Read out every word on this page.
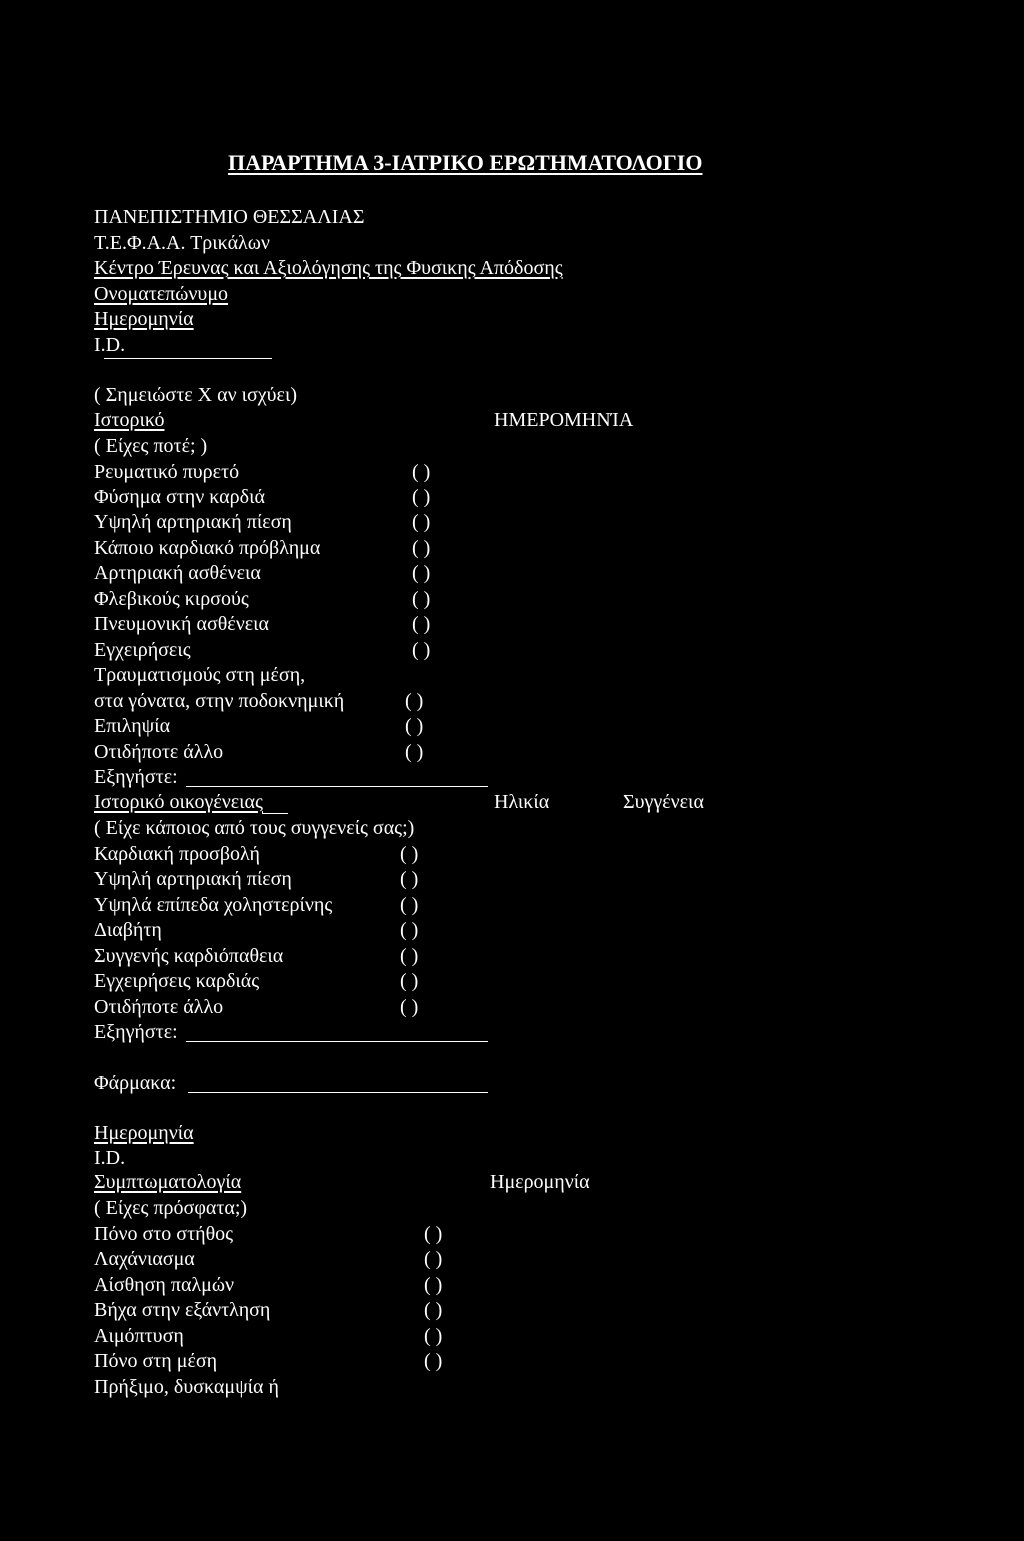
ΠΑΡΑΡΤΗΜΑ 3-ΙΑΤΡΙΚΟ ΕΡΩΤΗΜΑΤΟΛΟΓΙΟ
ΠΑΝΕΠΙΣΤΗΜΙΟ ΘΕΣΣΑΛΙΑΣ
Τ.Ε.Φ.Α.Α. Τρικάλων
Κέντρο Έρευνας και Αξιολόγησης της Φυσικης Απόδοσης
Ονοματεπώνυμο
Ημερομηνία
I.D.
( Σημειώστε Χ αν ισχύει)
Ιστορικό	ΗΜΕΡΟΜΗΝΊΑ
( Είχες ποτέ; )
Ρευματικό πυρετό	( )
Φύσημα στην καρδιά	( )
Υψηλή αρτηριακή πίεση	( )
Κάποιο καρδιακό πρόβλημα	( )
Αρτηριακή ασθένεια	( )
Φλεβικούς κιρσούς	( )
Πνευμονική ασθένεια	( )
Εγχειρήσεις	( )
Τραυματισμούς στη μέση,
στα γόνατα, στην ποδοκνημική	( )
Επιληψία	( )
Οτιδήποτε άλλο	( )
Εξηγήστε:
Ιστορικό οικογένειας	Ηλικία	Συγγένεια
( Είχε κάποιος από τους συγγενείς σας;)
Καρδιακή προσβολή	( )
Υψηλή αρτηριακή πίεση	( )
Υψηλά επίπεδα χοληστερίνης	( )
Διαβήτη	( )
Συγγενής καρδιόπαθεια	( )
Εγχειρήσεις καρδιάς	( )
Οτιδήποτε άλλο	( )
Εξηγήστε:
Φάρμακα:
Ημερομηνία
I.D.
Συμπτωματολογία	Ημερομηνία
( Είχες πρόσφατα;)
Πόνο στο στήθος	( )
Λαχάνιασμα	( )
Αίσθηση παλμών	( )
Βήχα στην εξάντληση	( )
Αιμόπτυση	( )
Πόνο στη μέση	( )
Πρήξιμο, δυσκαμψία ή
